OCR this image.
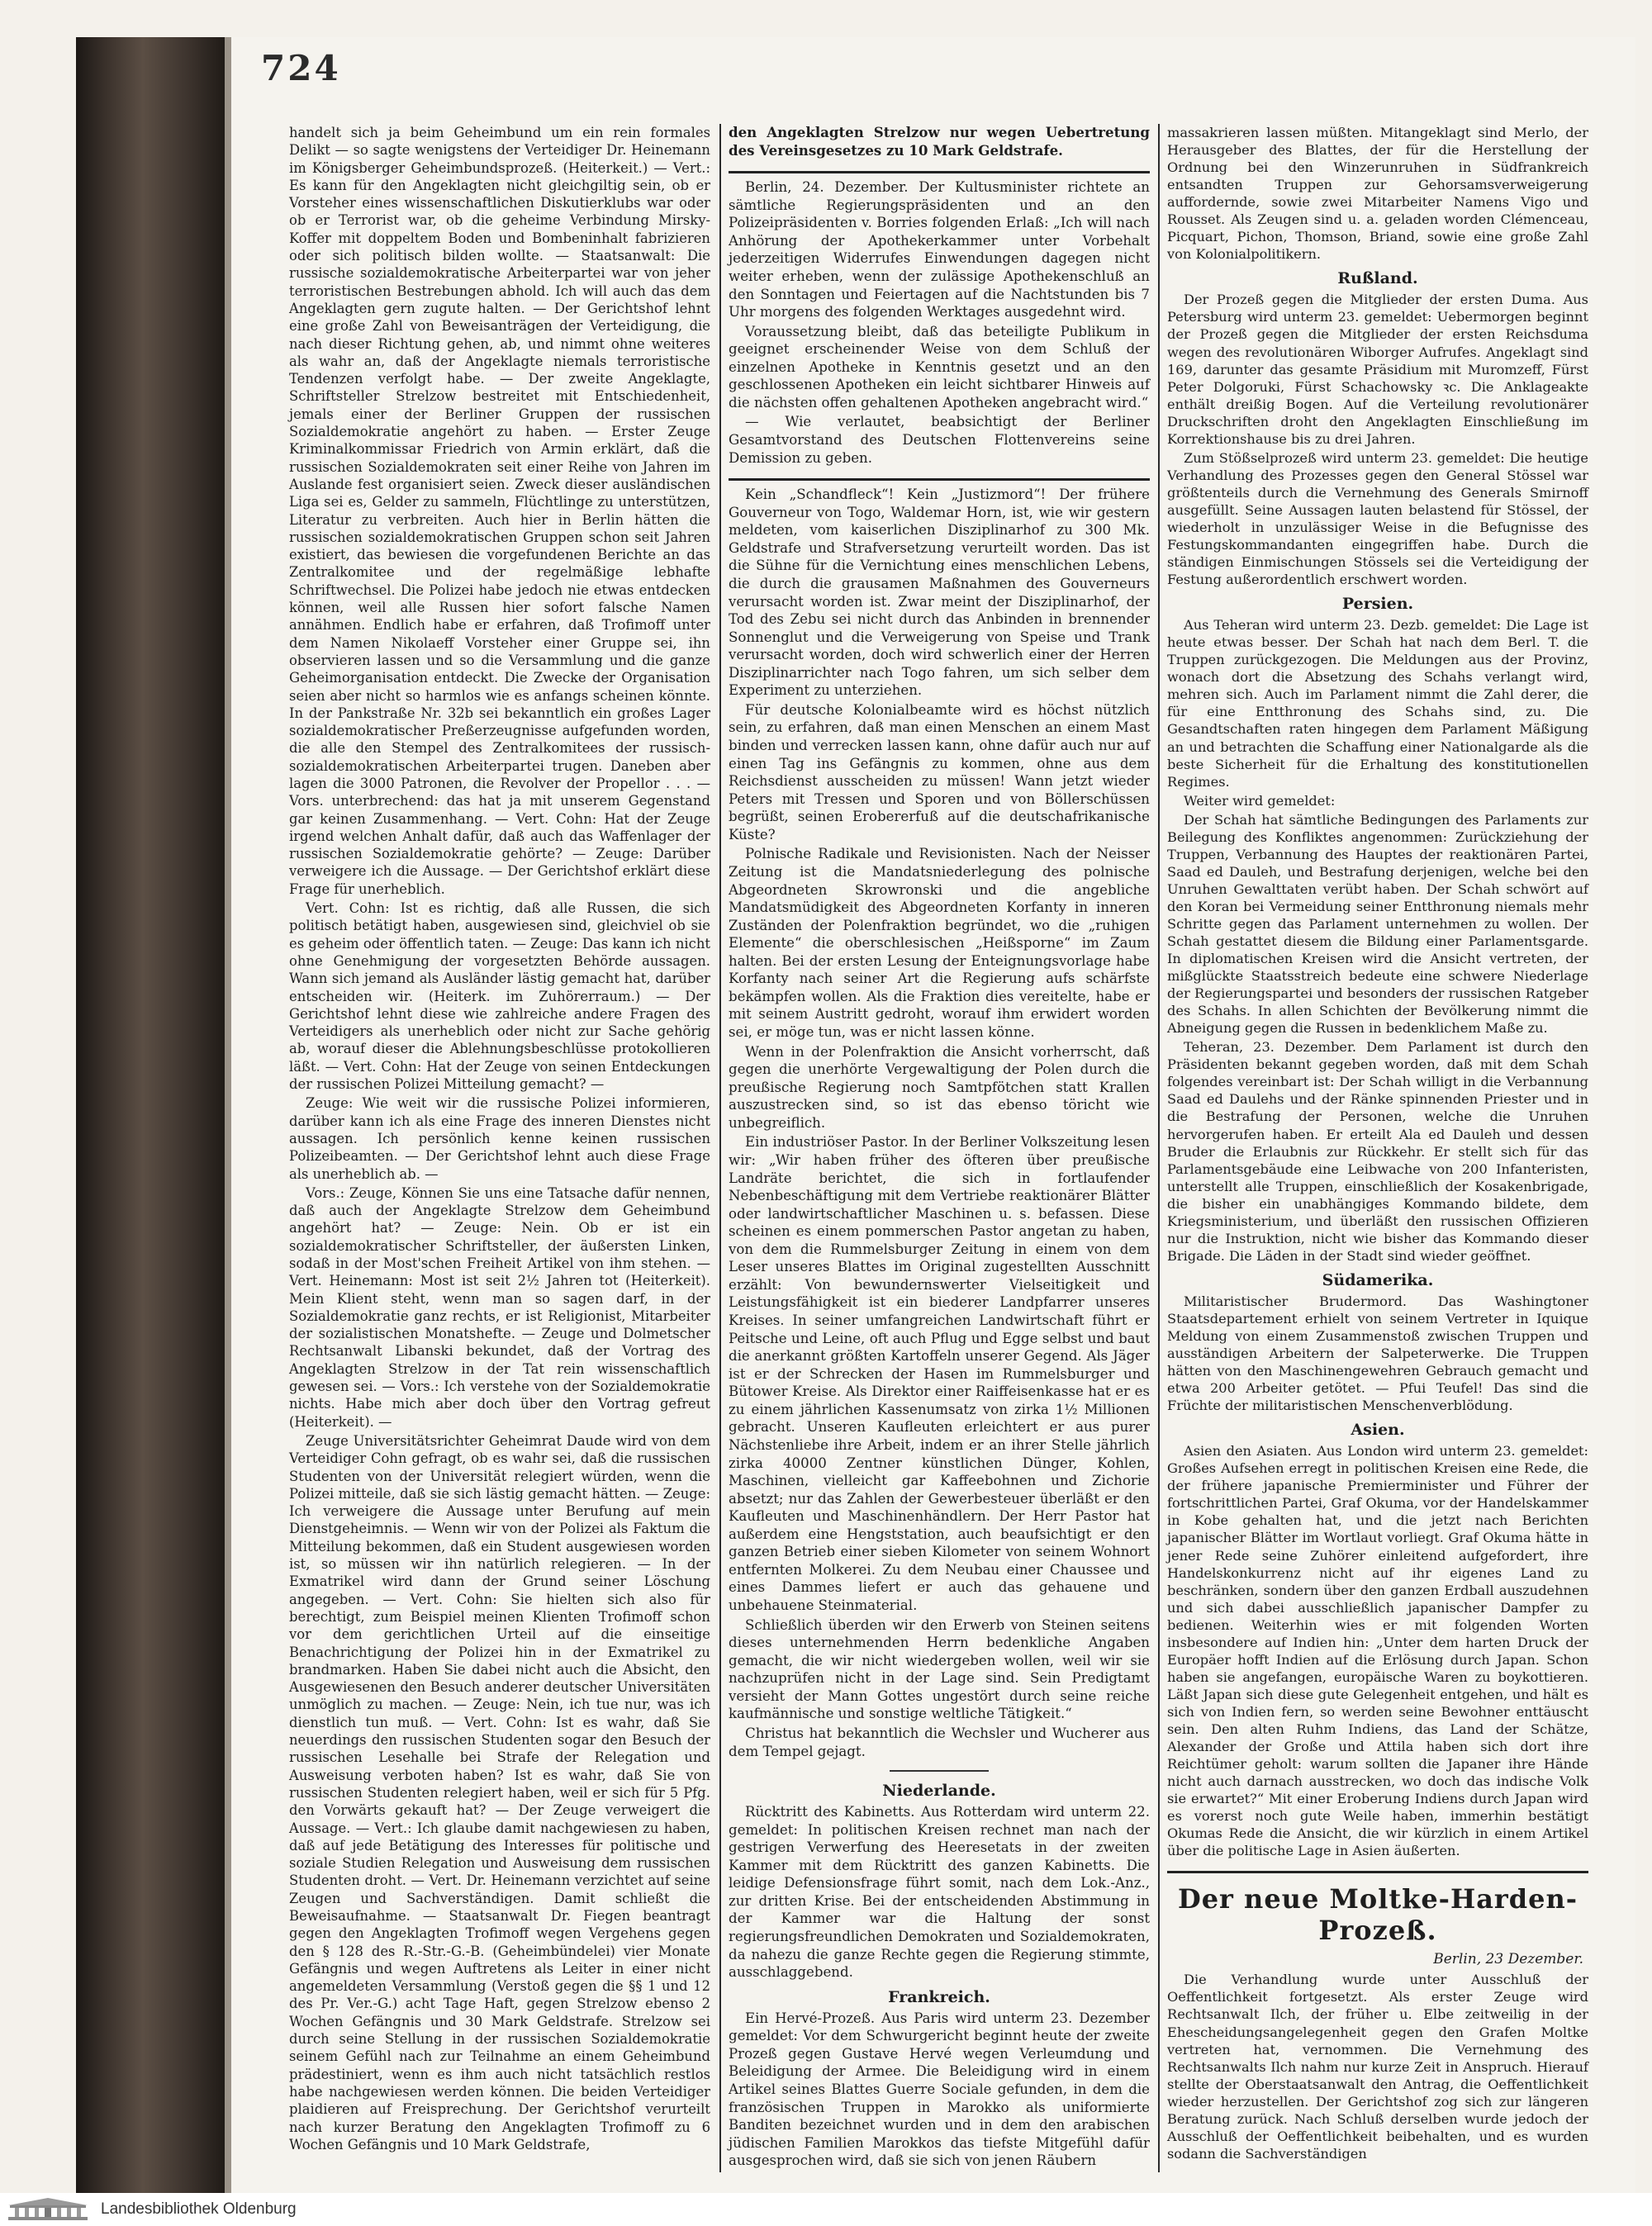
724

handelt sich ja beim Geheimbund um ein rein formales Delikt — so sagte wenigstens der Verteidiger Dr. Heinemann im Königsberger Geheimbundsprozeß. (Heiterkeit.) — Vert.: Es kann für den Angeklagten nicht gleichgiltig sein, ob er Vorsteher eines wissenschaftlichen Diskutierklubs war oder ob er Terrorist war, ob die geheime Verbindung Mirsky-Koffer mit doppeltem Boden und Bombeninhalt fabrizieren oder sich politisch bilden wollte. — Staatsanwalt: Die russische sozialdemokratische Arbeiterpartei war von jeher terroristischen Bestrebungen abhold. Ich will auch das dem Angeklagten gern zugute halten. — Der Gerichtshof lehnt eine große Zahl von Beweisanträgen der Verteidigung, die nach dieser Richtung gehen, ab, und nimmt ohne weiteres als wahr an, daß der Angeklagte niemals terroristische Tendenzen verfolgt habe. — Der zweite Angeklagte, Schriftsteller Strelzow bestreitet mit Entschiedenheit, jemals einer der Berliner Gruppen der russischen Sozialdemokratie angehört zu haben. — Erster Zeuge Kriminalkommissar Friedrich von Armin erklärt, daß die russischen Sozialdemokraten seit einer Reihe von Jahren im Auslande fest organisiert seien. Zweck dieser ausländischen Liga sei es, Gelder zu sammeln, Flüchtlinge zu unterstützen, Literatur zu verbreiten. Auch hier in Berlin hätten die russischen sozialdemokratischen Gruppen schon seit Jahren existiert, das bewiesen die vorgefundenen Berichte an das Zentralkomitee und der regelmäßige lebhafte Schriftwechsel. Die Polizei habe jedoch nie etwas entdecken können, weil alle Russen hier sofort falsche Namen annähmen. Endlich habe er erfahren, daß Trofimoff unter dem Namen Nikolaeff Vorsteher einer Gruppe sei, ihn observieren lassen und so die Versammlung und die ganze Geheimorganisation entdeckt. Die Zwecke der Organisation seien aber nicht so harmlos wie es anfangs scheinen könnte. In der Pankstraße Nr. 32b sei bekanntlich ein großes Lager sozialdemokratischer Preßerzeugnisse aufgefunden worden, die alle den Stempel des Zentralkomitees der russisch-sozialdemokratischen Arbeiterpartei trugen. Daneben aber lagen die 3000 Patronen, die Revolver der Propellor . . . — Vors. unterbrechend: das hat ja mit unserem Gegenstand gar keinen Zusammenhang. — Vert. Cohn: Hat der Zeuge irgend welchen Anhalt dafür, daß auch das Waffenlager der russischen Sozialdemokratie gehörte? — Zeuge: Darüber verweigere ich die Aussage. — Der Gerichtshof erklärt diese Frage für unerheblich.

Vert. Cohn: Ist es richtig, daß alle Russen, die sich politisch betätigt haben, ausgewiesen sind, gleichviel ob sie es geheim oder öffentlich taten. — Zeuge: Das kann ich nicht ohne Genehmigung der vorgesetzten Behörde aussagen. Wann sich jemand als Ausländer lästig gemacht hat, darüber entscheiden wir. (Heiterk. im Zuhörerraum.) — Der Gerichtshof lehnt diese wie zahlreiche andere Fragen des Verteidigers als unerheblich oder nicht zur Sache gehörig ab, worauf dieser die Ablehnungsbeschlüsse protokollieren läßt. — Vert. Cohn: Hat der Zeuge von seinen Entdeckungen der russischen Polizei Mitteilung gemacht? —

Zeuge: Wie weit wir die russische Polizei informieren, darüber kann ich als eine Frage des inneren Dienstes nicht aussagen. Ich persönlich kenne keinen russischen Polizeibeamten. — Der Gerichtshof lehnt auch diese Frage als unerheblich ab. —

Vors.: Zeuge, Können Sie uns eine Tatsache dafür nennen, daß auch der Angeklagte Strelzow dem Geheimbund angehört hat? — Zeuge: Nein. Ob er ist ein sozialdemokratischer Schriftsteller, der äußersten Linken, sodaß in der Most'schen Freiheit Artikel von ihm stehen. — Vert. Heinemann: Most ist seit 2½ Jahren tot (Heiterkeit). Mein Klient steht, wenn man so sagen darf, in der Sozialdemokratie ganz rechts, er ist Religionist, Mitarbeiter der sozialistischen Monatshefte. — Zeuge und Dolmetscher Rechtsanwalt Libanski bekundet, daß der Vortrag des Angeklagten Strelzow in der Tat rein wissenschaftlich gewesen sei. — Vors.: Ich verstehe von der Sozialdemokratie nichts. Habe mich aber doch über den Vortrag gefreut (Heiterkeit). —

Zeuge Universitätsrichter Geheimrat Daude wird von dem Verteidiger Cohn gefragt, ob es wahr sei, daß die russischen Studenten von der Universität relegiert würden, wenn die Polizei mitteile, daß sie sich lästig gemacht hätten. — Zeuge: Ich verweigere die Aussage unter Berufung auf mein Dienstgeheimnis. — Wenn wir von der Polizei als Faktum die Mitteilung bekommen, daß ein Student ausgewiesen worden ist, so müssen wir ihn natürlich relegieren. — In der Exmatrikel wird dann der Grund seiner Löschung angegeben. — Vert. Cohn: Sie hielten sich also für berechtigt, zum Beispiel meinen Klienten Trofimoff schon vor dem gerichtlichen Urteil auf die einseitige Benachrichtigung der Polizei hin in der Exmatrikel zu brandmarken. Haben Sie dabei nicht auch die Absicht, den Ausgewiesenen den Besuch anderer deutscher Universitäten unmöglich zu machen. — Zeuge: Nein, ich tue nur, was ich dienstlich tun muß. — Vert. Cohn: Ist es wahr, daß Sie neuerdings den russischen Studenten sogar den Besuch der russischen Lesehalle bei Strafe der Relegation und Ausweisung verboten haben? Ist es wahr, daß Sie von russischen Studenten relegiert haben, weil er sich für 5 Pfg. den Vorwärts gekauft hat? — Der Zeuge verweigert die Aussage. — Vert.: Ich glaube damit nachgewiesen zu haben, daß auf jede Betätigung des Interesses für politische und soziale Studien Relegation und Ausweisung dem russischen Studenten droht. — Vert. Dr. Heinemann verzichtet auf seine Zeugen und Sachverständigen. Damit schließt die Beweisaufnahme. — Staatsanwalt Dr. Fiegen beantragt gegen den Angeklagten Trofimoff wegen Vergehens gegen den § 128 des R.-Str.-G.-B. (Geheimbündelei) vier Monate Gefängnis und wegen Auftretens als Leiter in einer nicht angemeldeten Versammlung (Verstoß gegen die §§ 1 und 12 des Pr. Ver.-G.) acht Tage Haft, gegen Strelzow ebenso 2 Wochen Gefängnis und 30 Mark Geldstrafe. Strelzow sei durch seine Stellung in der russischen Sozialdemokratie seinem Gefühl nach zur Teilnahme an einem Geheimbund prädestiniert, wenn es ihm auch nicht tatsächlich restlos habe nachgewiesen werden können. Die beiden Verteidiger plaidieren auf Freisprechung. Der Gerichtshof verurteilt nach kurzer Beratung den Angeklagten Trofimoff zu 6 Wochen Gefängnis und 10 Mark Geldstrafe,

den Angeklagten Strelzow nur wegen Uebertretung des Vereinsgesetzes zu 10 Mark Geldstrafe.

Berlin, 24. Dezember. Der Kultusminister richtete an sämtliche Regierungspräsidenten und an den Polizeipräsidenten v. Borries folgenden Erlaß: „Ich will nach Anhörung der Apothekerkammer unter Vorbehalt jederzeitigen Widerrufes Einwendungen dagegen nicht weiter erheben, wenn der zulässige Apothekenschluß an den Sonntagen und Feiertagen auf die Nachtstunden bis 7 Uhr morgens des folgenden Werktages ausgedehnt wird.

Voraussetzung bleibt, daß das beteiligte Publikum in geeignet erscheinender Weise von dem Schluß der einzelnen Apotheke in Kenntnis gesetzt und an den geschlossenen Apotheken ein leicht sichtbarer Hinweis auf die nächsten offen gehaltenen Apotheken angebracht wird.“

— Wie verlautet, beabsichtigt der Berliner Gesamtvorstand des Deutschen Flottenvereins seine Demission zu geben.

Kein „Schandfleck“! Kein „Justizmord“! Der frühere Gouverneur von Togo, Waldemar Horn, ist, wie wir gestern meldeten, vom kaiserlichen Disziplinarhof zu 300 Mk. Geldstrafe und Strafversetzung verurteilt worden. Das ist die Sühne für die Vernichtung eines menschlichen Lebens, die durch die grausamen Maßnahmen des Gouverneurs verursacht worden ist. Zwar meint der Disziplinarhof, der Tod des Zebu sei nicht durch das Anbinden in brennender Sonnenglut und die Verweigerung von Speise und Trank verursacht worden, doch wird schwerlich einer der Herren Disziplinarrichter nach Togo fahren, um sich selber dem Experiment zu unterziehen.

Für deutsche Kolonialbeamte wird es höchst nützlich sein, zu erfahren, daß man einen Menschen an einem Mast binden und verrecken lassen kann, ohne dafür auch nur auf einen Tag ins Gefängnis zu kommen, ohne aus dem Reichsdienst ausscheiden zu müssen! Wann jetzt wieder Peters mit Tressen und Sporen und von Böllerschüssen begrüßt, seinen Erobererfuß auf die deutschafrikanische Küste?

Polnische Radikale und Revisionisten. Nach der Neisser Zeitung ist die Mandatsniederlegung des polnische Abgeordneten Skrowronski und die angebliche Mandatsmüdigkeit des Abgeordneten Korfanty in inneren Zuständen der Polenfraktion begründet, wo die „ruhigen Elemente“ die oberschlesischen „Heißsporne“ im Zaum halten. Bei der ersten Lesung der Enteignungsvorlage habe Korfanty nach seiner Art die Regierung aufs schärfste bekämpfen wollen. Als die Fraktion dies vereitelte, habe er mit seinem Austritt gedroht, worauf ihm erwidert worden sei, er möge tun, was er nicht lassen könne.

Wenn in der Polenfraktion die Ansicht vorherrscht, daß gegen die unerhörte Vergewaltigung der Polen durch die preußische Regierung noch Samtpfötchen statt Krallen auszustrecken sind, so ist das ebenso töricht wie unbegreiflich.

Ein industriöser Pastor. In der Berliner Volkszeitung lesen wir: „Wir haben früher des öfteren über preußische Landräte berichtet, die sich in fortlaufender Nebenbeschäftigung mit dem Vertriebe reaktionärer Blätter oder landwirtschaftlicher Maschinen u. s. befassen. Diese scheinen es einem pommerschen Pastor angetan zu haben, von dem die Rummelsburger Zeitung in einem von dem Leser unseres Blattes im Original zugestellten Ausschnitt erzählt: Von bewundernswerter Vielseitigkeit und Leistungsfähigkeit ist ein biederer Landpfarrer unseres Kreises. In seiner umfangreichen Landwirtschaft führt er Peitsche und Leine, oft auch Pflug und Egge selbst und baut die anerkannt größten Kartoffeln unserer Gegend. Als Jäger ist er der Schrecken der Hasen im Rummelsburger und Bütower Kreise. Als Direktor einer Raiffeisenkasse hat er es zu einem jährlichen Kassenumsatz von zirka 1½ Millionen gebracht. Unseren Kaufleuten erleichtert er aus purer Nächstenliebe ihre Arbeit, indem er an ihrer Stelle jährlich zirka 40000 Zentner künstlichen Dünger, Kohlen, Maschinen, vielleicht gar Kaffeebohnen und Zichorie absetzt; nur das Zahlen der Gewerbesteuer überläßt er den Kaufleuten und Maschinenhändlern. Der Herr Pastor hat außerdem eine Hengststation, auch beaufsichtigt er den ganzen Betrieb einer sieben Kilometer von seinem Wohnort entfernten Molkerei. Zu dem Neubau einer Chaussee und eines Dammes liefert er auch das gehauene und unbehauene Steinmaterial.

Schließlich überden wir den Erwerb von Steinen seitens dieses unternehmenden Herrn bedenkliche Angaben gemacht, die wir nicht wiedergeben wollen, weil wir sie nachzuprüfen nicht in der Lage sind. Sein Predigtamt versieht der Mann Gottes ungestört durch seine reiche kaufmännische und sonstige weltliche Tätigkeit.“

Christus hat bekanntlich die Wechsler und Wucherer aus dem Tempel gejagt.

Niederlande.

Rücktritt des Kabinetts. Aus Rotterdam wird unterm 22. gemeldet: In politischen Kreisen rechnet man nach der gestrigen Verwerfung des Heeresetats in der zweiten Kammer mit dem Rücktritt des ganzen Kabinetts. Die leidige Defensionsfrage führt somit, nach dem Lok.-Anz., zur dritten Krise. Bei der entscheidenden Abstimmung in der Kammer war die Haltung der sonst regierungsfreundlichen Demokraten und Sozialdemokraten, da nahezu die ganze Rechte gegen die Regierung stimmte, ausschlaggebend.

Frankreich.

Ein Hervé-Prozeß. Aus Paris wird unterm 23. Dezember gemeldet: Vor dem Schwurgericht beginnt heute der zweite Prozeß gegen Gustave Hervé wegen Verleumdung und Beleidigung der Armee. Die Beleidigung wird in einem Artikel seines Blattes Guerre Sociale gefunden, in dem die französischen Truppen in Marokko als uniformierte Banditen bezeichnet wurden und in dem den arabischen jüdischen Familien Marokkos das tiefste Mitgefühl dafür ausgesprochen wird, daß sie sich von jenen Räubern

massakrieren lassen müßten. Mitangeklagt sind Merlo, der Herausgeber des Blattes, der für die Herstellung der Ordnung bei den Winzerunruhen in Südfrankreich entsandten Truppen zur Gehorsamsverweigerung auffordernde, sowie zwei Mitarbeiter Namens Vigo und Rousset. Als Zeugen sind u. a. geladen worden Clémenceau, Picquart, Pichon, Thomson, Briand, sowie eine große Zahl von Kolonialpolitikern.

Rußland.

Der Prozeß gegen die Mitglieder der ersten Duma. Aus Petersburg wird unterm 23. gemeldet: Uebermorgen beginnt der Prozeß gegen die Mitglieder der ersten Reichsduma wegen des revolutionären Wiborger Aufrufes. Angeklagt sind 169, darunter das gesamte Präsidium mit Muromzeff, Fürst Peter Dolgoruki, Fürst Schachowsky ꝛc. Die Anklageakte enthält dreißig Bogen. Auf die Verteilung revolutionärer Druckschriften droht den Angeklagten Einschließung im Korrektionshause bis zu drei Jahren.

Zum Stößselprozeß wird unterm 23. gemeldet: Die heutige Verhandlung des Prozesses gegen den General Stössel war größtenteils durch die Vernehmung des Generals Smirnoff ausgefüllt. Seine Aussagen lauten belastend für Stössel, der wiederholt in unzulässiger Weise in die Befugnisse des Festungskommandanten eingegriffen habe. Durch die ständigen Einmischungen Stössels sei die Verteidigung der Festung außerordentlich erschwert worden.

Persien.

Aus Teheran wird unterm 23. Dezb. gemeldet: Die Lage ist heute etwas besser. Der Schah hat nach dem Berl. T. die Truppen zurückgezogen. Die Meldungen aus der Provinz, wonach dort die Absetzung des Schahs verlangt wird, mehren sich. Auch im Parlament nimmt die Zahl derer, die für eine Entthronung des Schahs sind, zu. Die Gesandtschaften raten hingegen dem Parlament Mäßigung an und betrachten die Schaffung einer Nationalgarde als die beste Sicherheit für die Erhaltung des konstitutionellen Regimes.

Weiter wird gemeldet:

Der Schah hat sämtliche Bedingungen des Parlaments zur Beilegung des Konfliktes angenommen: Zurückziehung der Truppen, Verbannung des Hauptes der reaktionären Partei, Saad ed Dauleh, und Bestrafung derjenigen, welche bei den Unruhen Gewalttaten verübt haben. Der Schah schwört auf den Koran bei Vermeidung seiner Entthronung niemals mehr Schritte gegen das Parlament unternehmen zu wollen. Der Schah gestattet diesem die Bildung einer Parlamentsgarde. In diplomatischen Kreisen wird die Ansicht vertreten, der mißglückte Staatsstreich bedeute eine schwere Niederlage der Regierungspartei und besonders der russischen Ratgeber des Schahs. In allen Schichten der Bevölkerung nimmt die Abneigung gegen die Russen in bedenklichem Maße zu.

Teheran, 23. Dezember. Dem Parlament ist durch den Präsidenten bekannt gegeben worden, daß mit dem Schah folgendes vereinbart ist: Der Schah willigt in die Verbannung Saad ed Daulehs und der Ränke spinnenden Priester und in die Bestrafung der Personen, welche die Unruhen hervorgerufen haben. Er erteilt Ala ed Dauleh und dessen Bruder die Erlaubnis zur Rückkehr. Er stellt sich für das Parlamentsgebäude eine Leibwache von 200 Infanteristen, unterstellt alle Truppen, einschließlich der Kosakenbrigade, die bisher ein unabhängiges Kommando bildete, dem Kriegsministerium, und überläßt den russischen Offizieren nur die Instruktion, nicht wie bisher das Kommando dieser Brigade. Die Läden in der Stadt sind wieder geöffnet.

Südamerika.

Militaristischer Brudermord. Das Washingtoner Staatsdepartement erhielt von seinem Vertreter in Iquique Meldung von einem Zusammenstoß zwischen Truppen und ausständigen Arbeitern der Salpeterwerke. Die Truppen hätten von den Maschinengewehren Gebrauch gemacht und etwa 200 Arbeiter getötet. — Pfui Teufel! Das sind die Früchte der militaristischen Menschenverblödung.

Asien.

Asien den Asiaten. Aus London wird unterm 23. gemeldet: Großes Aufsehen erregt in politischen Kreisen eine Rede, die der frühere japanische Premierminister und Führer der fortschrittlichen Partei, Graf Okuma, vor der Handelskammer in Kobe gehalten hat, und die jetzt nach Berichten japanischer Blätter im Wortlaut vorliegt. Graf Okuma hätte in jener Rede seine Zuhörer einleitend aufgefordert, ihre Handelskonkurrenz nicht auf ihr eigenes Land zu beschränken, sondern über den ganzen Erdball auszudehnen und sich dabei ausschließlich japanischer Dampfer zu bedienen. Weiterhin wies er mit folgenden Worten insbesondere auf Indien hin: „Unter dem harten Druck der Europäer hofft Indien auf die Erlösung durch Japan. Schon haben sie angefangen, europäische Waren zu boykottieren. Läßt Japan sich diese gute Gelegenheit entgehen, und hält es sich von Indien fern, so werden seine Bewohner enttäuscht sein. Den alten Ruhm Indiens, das Land der Schätze, Alexander der Große und Attila haben sich dort ihre Reichtümer geholt: warum sollten die Japaner ihre Hände nicht auch darnach ausstrecken, wo doch das indische Volk sie erwartet?“ Mit einer Eroberung Indiens durch Japan wird es vorerst noch gute Weile haben, immerhin bestätigt Okumas Rede die Ansicht, die wir kürzlich in einem Artikel über die politische Lage in Asien äußerten.

Der neue Moltke-Harden-Prozeß.
Berlin, 23 Dezember.

Die Verhandlung wurde unter Ausschluß der Oeffentlichkeit fortgesetzt. Als erster Zeuge wird Rechtsanwalt Ilch, der früher u. Elbe zeitweilig in der Ehescheidungsangelegenheit gegen den Grafen Moltke vertreten hat, vernommen. Die Vernehmung des Rechtsanwalts Ilch nahm nur kurze Zeit in Anspruch. Hierauf stellte der Oberstaatsanwalt den Antrag, die Oeffentlichkeit wieder herzustellen. Der Gerichtshof zog sich zur längeren Beratung zurück. Nach Schluß derselben wurde jedoch der Ausschluß der Oeffentlichkeit beibehalten, und es wurden sodann die Sachverständigen

Landesbibliothek Oldenburg
